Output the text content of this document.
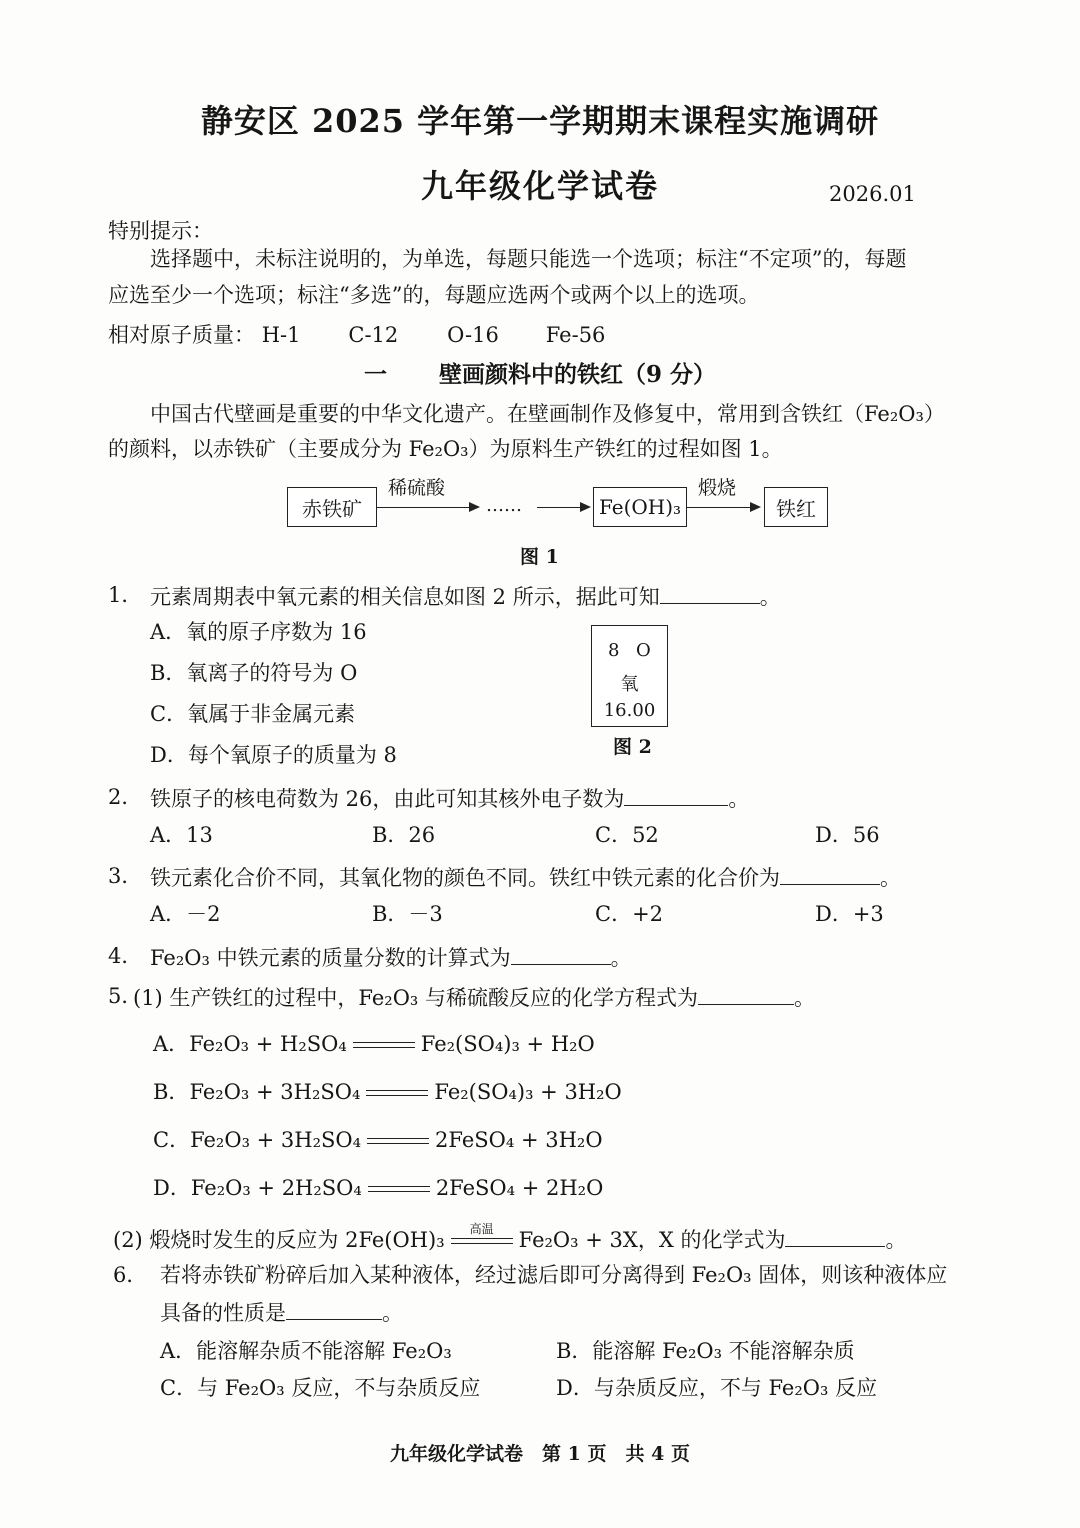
静安区 2025 学年第一学期期末课程实施调研
九年级化学试卷	2026.01
特别提示：
选择题中，未标注说明的，为单选，每题只能选一个选项；标注“不定项”的，每题
应选至少一个选项；标注“多选”的，每题应选两个或两个以上的选项。
相对原子质量： H-1 C-12 O-16 Fe-56
一 壁画颜料中的铁红（9 分）
中国古代壁画是重要的中华文化遗产。在壁画制作及修复中，常用到含铁红（Fe₂O₃）
的颜料，以赤铁矿（主要成分为 Fe₂O₃）为原料生产铁红的过程如图 1。
赤铁矿
稀硫酸
……	Fe(OH)₃
煅烧
铁红
图 1
1． 元素周期表中氧元素的相关信息如图 2 所示，据此可知	。
A．氧的原子序数为 16
B．氧离子的符号为 O
C．氧属于非金属元素
D．每个氧原子的质量为 8
8 O
氧
16.00
图 2
2． 铁原子的核电荷数为 26，由此可知其核外电子数为	。
A．13	B．26	C．52	D．56
3． 铁元素化合价不同，其氧化物的颜色不同。铁红中铁元素的化合价为	。
A．－2	B．－3	C．+2	D．+3
4． Fe₂O₃ 中铁元素的质量分数的计算式为	。
5．
(1) 生产铁红的过程中，Fe₂O₃ 与稀硫酸反应的化学方程式为	。
A．Fe₂O₃ + H₂SO₄	Fe₂(SO₄)₃ + H₂O
B．Fe₂O₃ + 3H₂SO₄	Fe₂(SO₄)₃ + 3H₂O
C．Fe₂O₃ + 3H₂SO₄	2FeSO₄ + 3H₂O
D．Fe₂O₃ + 2H₂SO₄	2FeSO₄ + 2H₂O
(2) 煅烧时发生的反应为 2Fe(OH)₃	高温	Fe₂O₃ + 3X，X 的化学式为	。
6． 若将赤铁矿粉碎后加入某种液体，经过滤后即可分离得到 Fe₂O₃ 固体，则该种液体应
具备的性质是	。
A．能溶解杂质不能溶解 Fe₂O₃	B．能溶解 Fe₂O₃ 不能溶解杂质
C．与 Fe₂O₃ 反应，不与杂质反应	D．与杂质反应，不与 Fe₂O₃ 反应
九年级化学试卷　第 1 页　共 4 页
